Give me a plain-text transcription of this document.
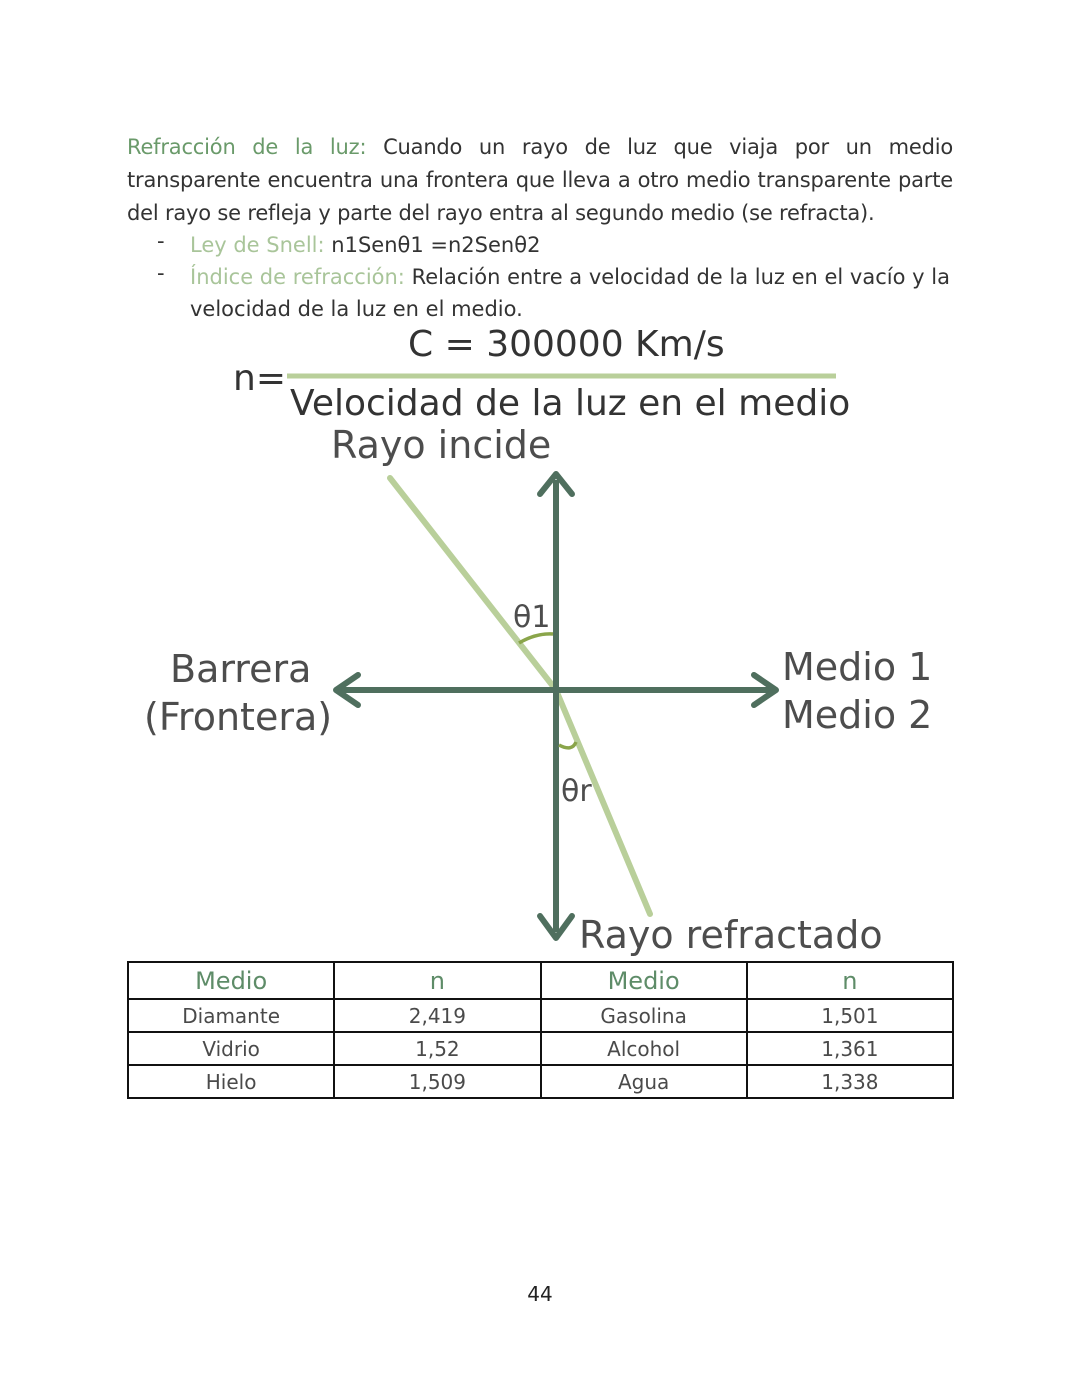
Refracción de la luz: Cuando un rayo de luz que viaja por un medio transparente encuentra una frontera que lleva a otro medio transparente parte del rayo se refleja y parte del rayo entra al segundo medio (se refracta).
- Ley de Snell: n1Senθ1 =n2Senθ2
- Índice de refracción: Relación entre a velocidad de la luz en el vacío y la
velocidad de la luz en el medio.
n=
C = 300000 Km/s
Velocidad de la luz en el medio
Rayo incide
Barrera
(Frontera)
Medio 1
Medio 2
θ1
θr
Rayo refractado
Medio	n	Medio	n
Diamante	2,419	Gasolina	1,501
Vidrio	1,52	Alcohol	1,361
Hielo	1,509	Agua	1,338
44
